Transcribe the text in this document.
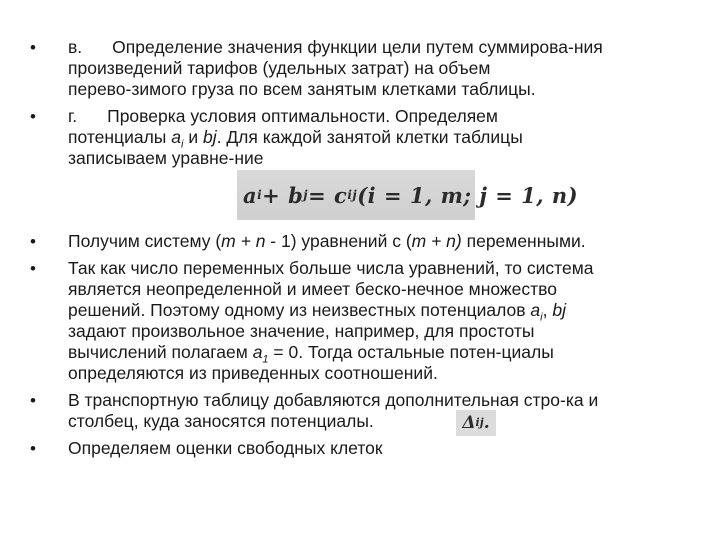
• в. Определение значения функции цели путем суммирова-ния
произведений тарифов (удельных затрат) на объем
перево-зимого груза по всем занятым клетками таблицы.
• г. Проверка условия оптимальности. Определяем
потенциалы $a_i$ и bj. Для каждой занятой клетки таблицы
записываем уравне-ние
a i + b j = c ij (i = 1, m; j = 1, n)
• Получим систему (m + n - 1) уравнений с (m + n) переменными.
• Так как число переменных больше числа уравнений, то система
является неопределенной и имеет беско-нечное множество
решений. Поэтому одному из неизвестных потенциалов $a_i$, bj
задают произвольное значение, например, для простоты
вычислений полагаем $a_1 = 0$. Тогда остальные потен-циалы
определяются из приведенных соотношений.
• В транспортную таблицу добавляются дополнительная стро-ка и
столбец, куда заносятся потенциалы.	Δ ij .
• Определяем оценки свободных клеток
